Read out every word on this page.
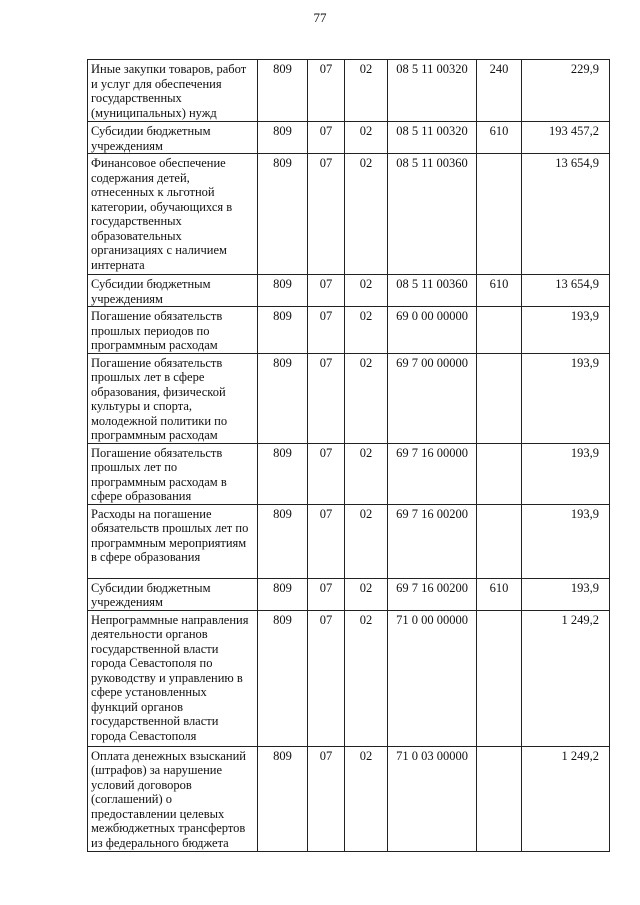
77
Иные закупки товаров, работ и услуг для обеспечения государственных (муниципальных) нужд	809	07	02	08 5 11 00320	240	229,9
Субсидии бюджетным учреждениям	809	07	02	08 5 11 00320	610	193 457,2
Финансовое обеспечение содержания детей, отнесенных к льготной категории, обучающихся в государственных образовательных организациях с наличием интерната	809	07	02	08 5 11 00360		13 654,9
Субсидии бюджетным учреждениям	809	07	02	08 5 11 00360	610	13 654,9
Погашение обязательств прошлых периодов по программным расходам	809	07	02	69 0 00 00000		193,9
Погашение обязательств прошлых лет в сфере образования, физической культуры и спорта, молодежной политики по программным расходам	809	07	02	69 7 00 00000		193,9
Погашение обязательств прошлых лет по программным расходам в сфере образования	809	07	02	69 7 16 00000		193,9
Расходы на погашение обязательств прошлых лет по программным мероприятиям в сфере образования	809	07	02	69 7 16 00200		193,9
Субсидии бюджетным учреждениям	809	07	02	69 7 16 00200	610	193,9
Непрограммные направления деятельности органов государственной власти города Севастополя по руководству и управлению в сфере установленных функций органов государственной власти города Севастополя	809	07	02	71 0 00 00000		1 249,2
Оплата денежных взысканий (штрафов) за нарушение условий договоров (соглашений) о предоставлении целевых межбюджетных трансфертов из федерального бюджета	809	07	02	71 0 03 00000		1 249,2
